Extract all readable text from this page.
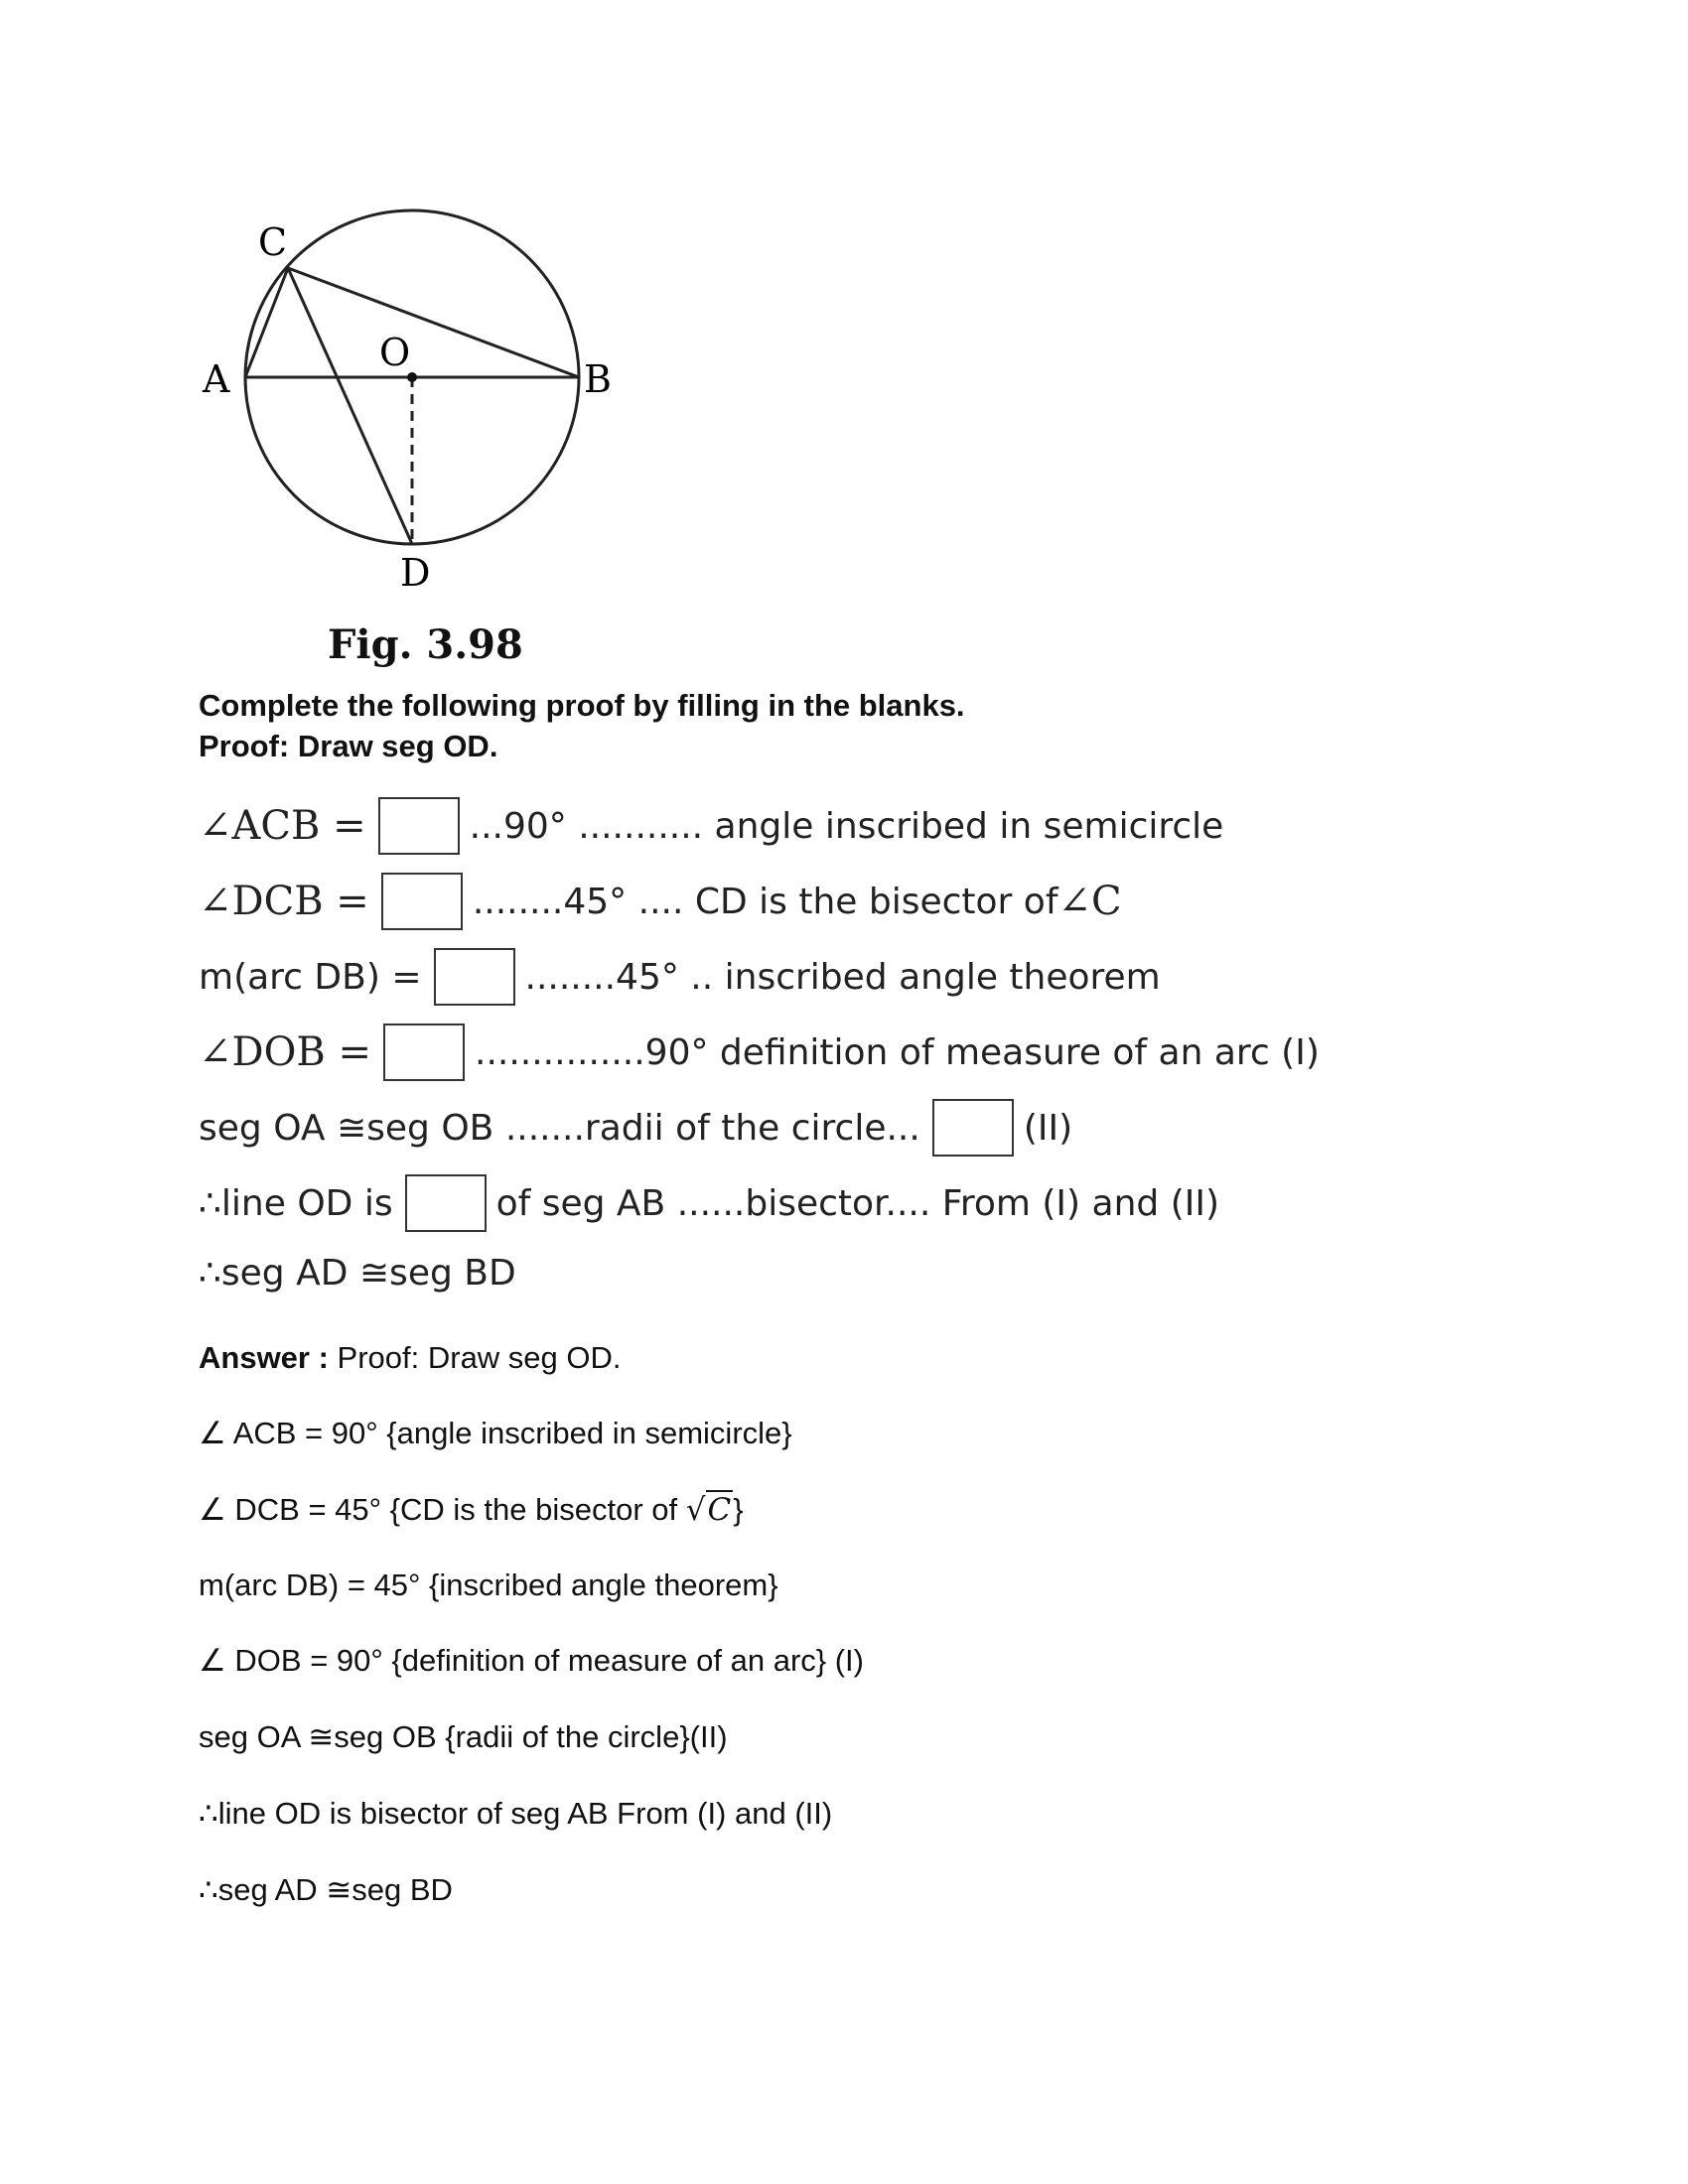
C
A
O
B
D
Fig. 3.98
Complete the following proof by filling in the blanks.
Proof: Draw seg OD.
∠ACB =	...90° ........... angle inscribed in semicircle
∠DCB =	........45° .... CD is the bisector of ∠C
m(arc DB) =	........45° .. inscribed angle theorem
∠DOB =	...............90° definition of measure of an arc (I)
seg OA ≅seg OB .......radii of the circle...	(II)
∴line OD is	of seg AB ......bisector.... From (I) and (II)
∴seg AD ≅seg BD
Answer : Proof: Draw seg OD.
∠ ACB = 90° {angle inscribed in semicircle}
∠ DCB = 45° {CD is the bisector of √C}
m(arc DB) = 45° {inscribed angle theorem}
∠ DOB = 90° {definition of measure of an arc} (I)
seg OA ≅seg OB {radii of the circle}(II)
∴line OD is bisector of seg AB From (I) and (II)
∴seg AD ≅seg BD
